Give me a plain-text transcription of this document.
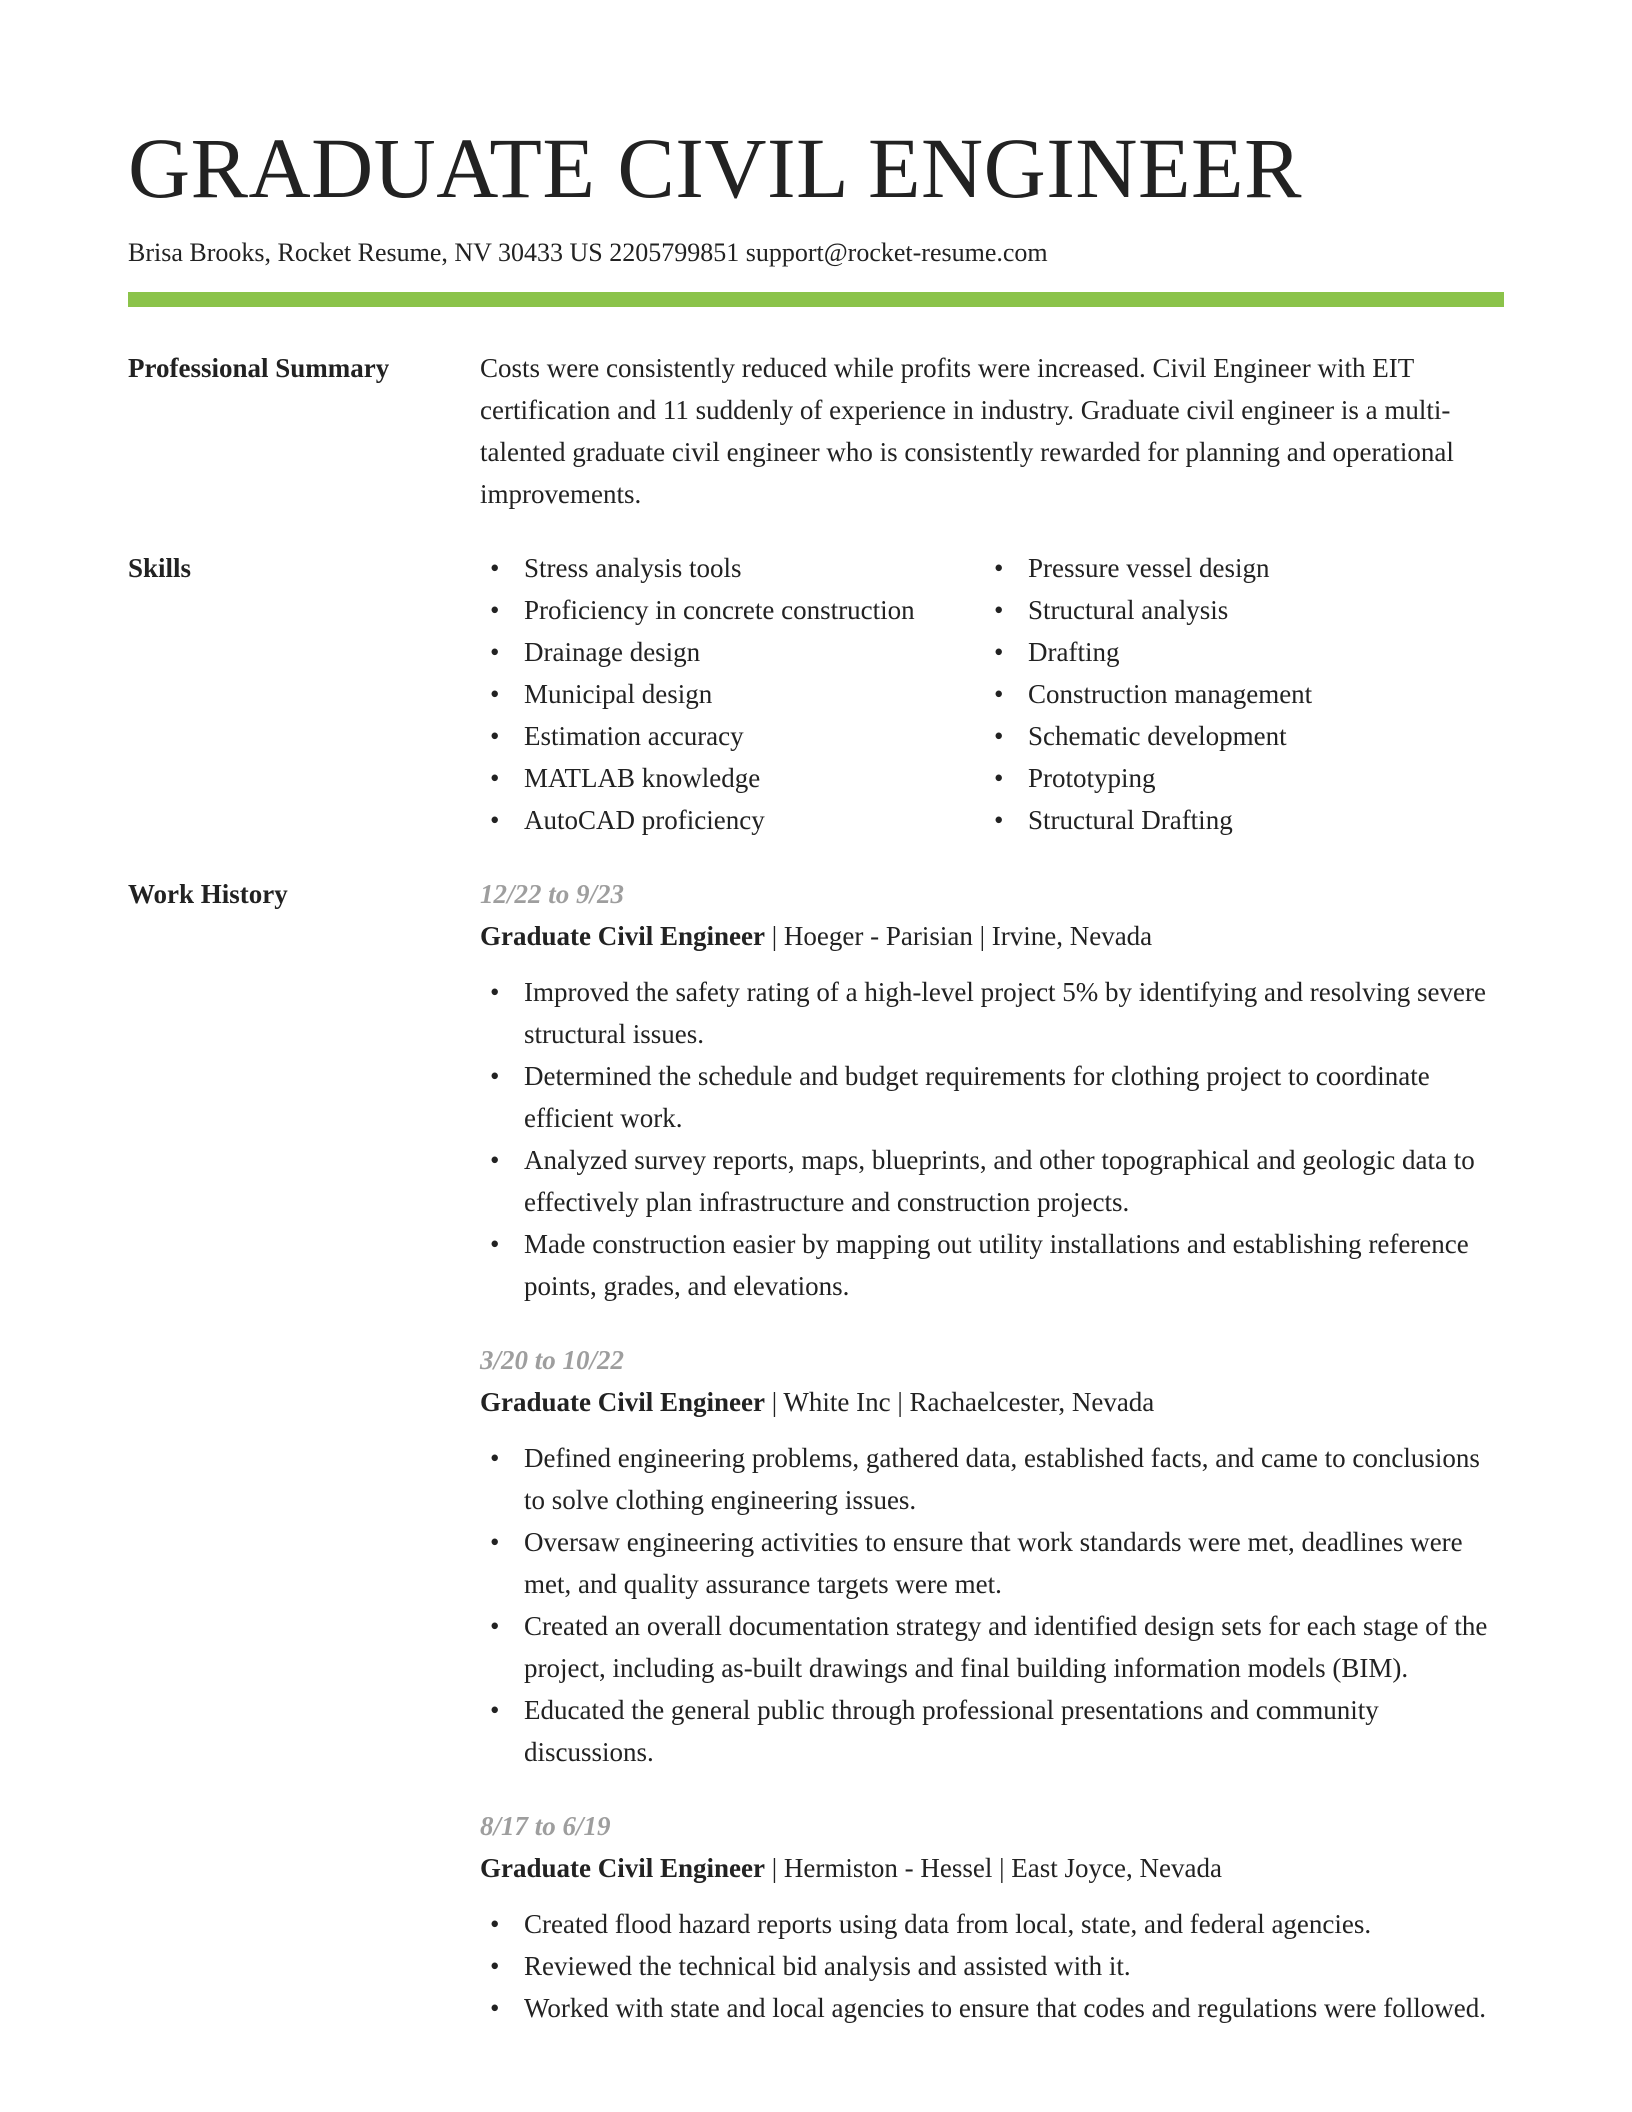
GRADUATE CIVIL ENGINEER
Brisa Brooks, Rocket Resume, NV 30433 US 2205799851 support@rocket-resume.com
Professional Summary	Costs were consistently reduced while profits were increased. Civil Engineer with EIT certification and 11 suddenly of experience in industry. Graduate civil engineer is a multi-talented graduate civil engineer who is consistently rewarded for planning and operational improvements.

Skills
•	Stress analysis tools
• Proficiency in concrete construction
• Drainage design
• Municipal design
• Estimation accuracy
• MATLAB knowledge
• AutoCAD proficiency
• Pressure vessel design
• Structural analysis
• Drafting
• Construction management
• Schematic development
• Prototyping
• Structural Drafting
Work History	12/22 to 9/23
Graduate Civil Engineer | Hoeger - Parisian | Irvine, Nevada
• Improved the safety rating of a high-level project 5% by identifying and resolving severe structural issues.
• Determined the schedule and budget requirements for clothing project to coordinate efficient work.
• Analyzed survey reports, maps, blueprints, and other topographical and geologic data to effectively plan infrastructure and construction projects.
• Made construction easier by mapping out utility installations and establishing reference points, grades, and elevations.
3/20 to 10/22
Graduate Civil Engineer | White Inc | Rachaelcester, Nevada
• Defined engineering problems, gathered data, established facts, and came to conclusions to solve clothing engineering issues.
• Oversaw engineering activities to ensure that work standards were met, deadlines were met, and quality assurance targets were met.
• Created an overall documentation strategy and identified design sets for each stage of the project, including as-built drawings and final building information models (BIM).
• Educated the general public through professional presentations and community discussions.
8/17 to 6/19
Graduate Civil Engineer | Hermiston - Hessel | East Joyce, Nevada
• Created flood hazard reports using data from local, state, and federal agencies.
• Reviewed the technical bid analysis and assisted with it.
• Worked with state and local agencies to ensure that codes and regulations were followed.
